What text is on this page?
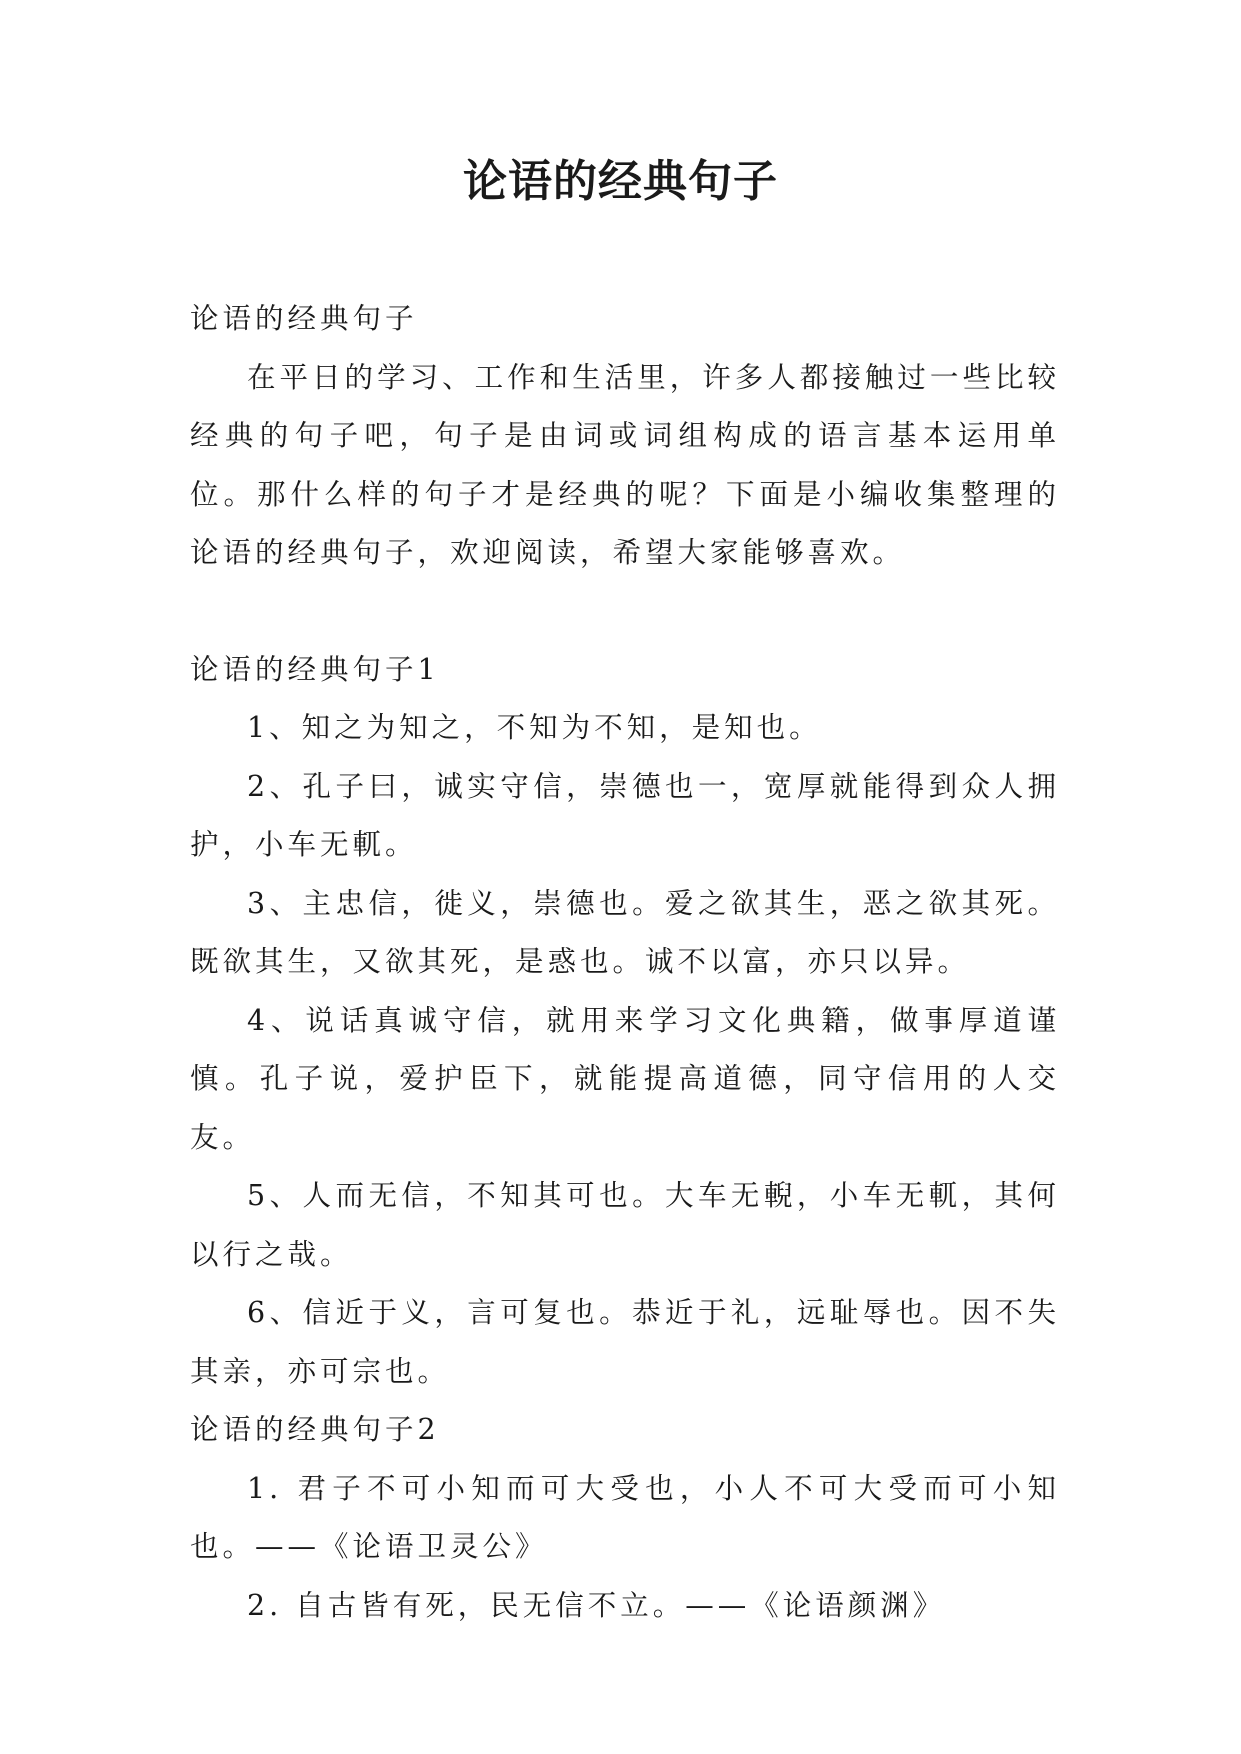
论语的经典句子

论语的经典句子

在平日的学习、工作和生活里，许多人都接触过一些比较经典的句子吧，句子是由词或词组构成的语言基本运用单位。那什么样的句子才是经典的呢？下面是小编收集整理的论语的经典句子，欢迎阅读，希望大家能够喜欢。

论语的经典句子1

1、知之为知之，不知为不知，是知也。

2、孔子曰，诚实守信，崇德也一，宽厚就能得到众人拥护，小车无軏。

3、主忠信，徙义，崇德也。爱之欲其生，恶之欲其死。既欲其生，又欲其死，是惑也。诚不以富，亦只以异。

4、说话真诚守信，就用来学习文化典籍，做事厚道谨慎。孔子说，爱护臣下，就能提高道德，同守信用的人交友。

5、人而无信，不知其可也。大车无輗，小车无軏，其何以行之哉。

6、信近于义，言可复也。恭近于礼，远耻辱也。因不失其亲，亦可宗也。

论语的经典句子2

1. 君子不可小知而可大受也，小人不可大受而可小知也。——《论语卫灵公》

2. 自古皆有死，民无信不立。——《论语颜渊》
